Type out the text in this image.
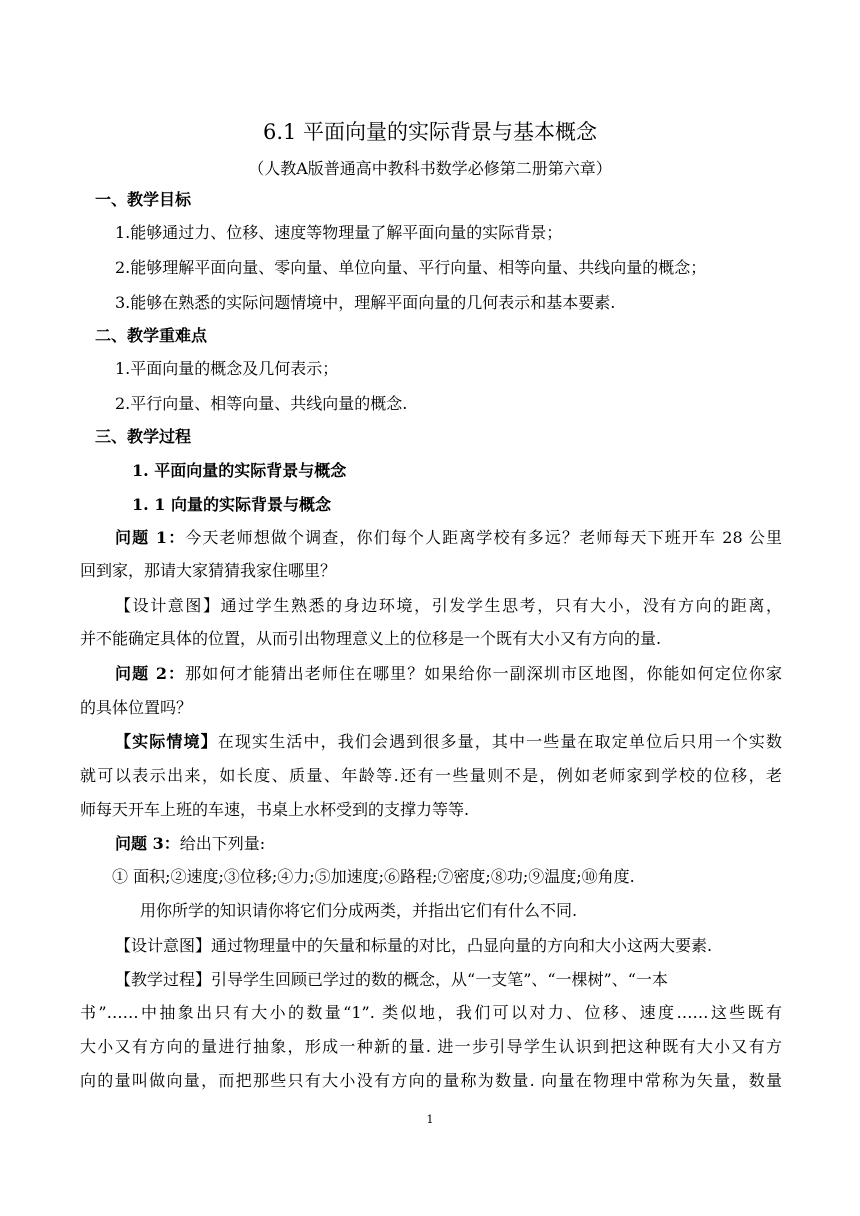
6.1 平面向量的实际背景与基本概念
（人教A版普通高中教科书数学必修第二册第六章）
一、教学目标
1.能够通过力、位移、速度等物理量了解平面向量的实际背景；
2.能够理解平面向量、零向量、单位向量、平行向量、相等向量、共线向量的概念；
3.能够在熟悉的实际问题情境中，理解平面向量的几何表示和基本要素.
二、教学重难点
1.平面向量的概念及几何表示；
2.平行向量、相等向量、共线向量的概念.
三、教学过程
1. 平面向量的实际背景与概念
1. 1 向量的实际背景与概念
问题 1：今天老师想做个调查，你们每个人距离学校有多远？老师每天下班开车 28 公里
回到家，那请大家猜猜我家住哪里？
【设计意图】通过学生熟悉的身边环境，引发学生思考，只有大小，没有方向的距离，
并不能确定具体的位置，从而引出物理意义上的位移是一个既有大小又有方向的量.
问题 2：那如何才能猜出老师住在哪里？如果给你一副深圳市区地图，你能如何定位你家
的具体位置吗？
【实际情境】在现实生活中，我们会遇到很多量，其中一些量在取定单位后只用一个实数
就可以表示出来，如长度、质量、年龄等.还有一些量则不是，例如老师家到学校的位移，老
师每天开车上班的车速，书桌上水杯受到的支撑力等等.
问题 3：给出下列量:
① 面积;②速度;③位移;④力;⑤加速度;⑥路程;⑦密度;⑧功;⑨温度;⑩角度.
用你所学的知识请你将它们分成两类，并指出它们有什么不同.
【设计意图】通过物理量中的矢量和标量的对比，凸显向量的方向和大小这两大要素.
【教学过程】引导学生回顾已学过的数的概念，从“一支笔”、“一棵树”、“一本
书”……中抽象出只有大小的数量“1”. 类似地，我们可以对力、位移、速度……这些既有
大小又有方向的量进行抽象，形成一种新的量. 进一步引导学生认识到把这种既有大小又有方
向的量叫做向量，而把那些只有大小没有方向的量称为数量. 向量在物理中常称为矢量，数量
1
